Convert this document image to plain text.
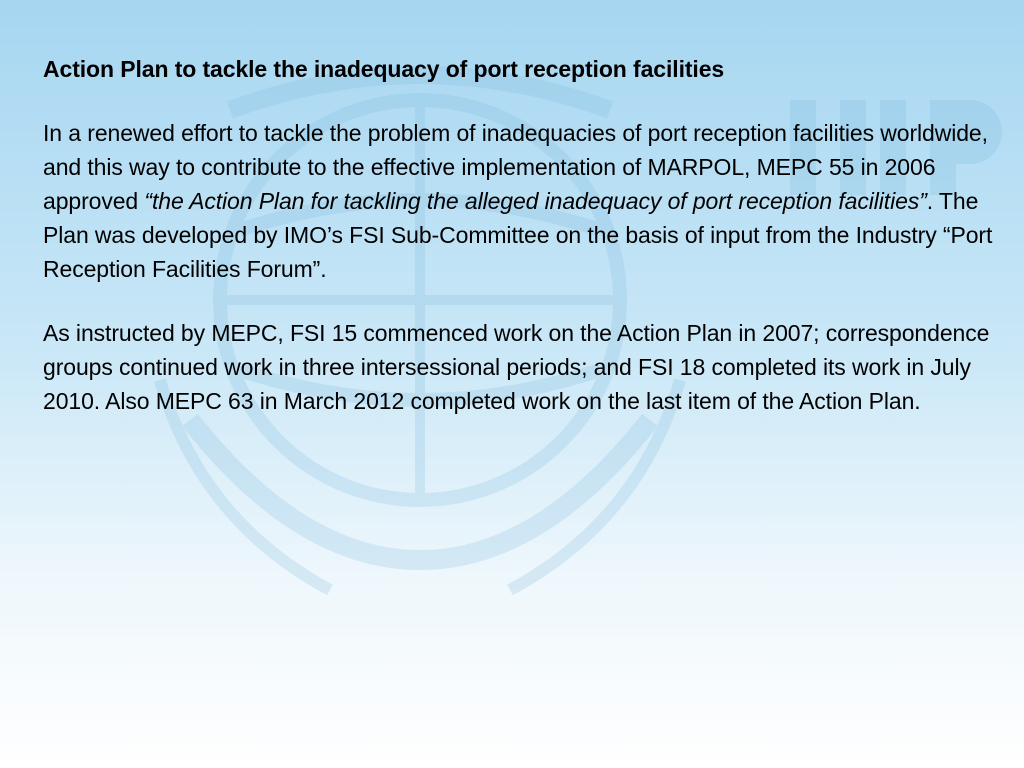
Action Plan to tackle the inadequacy of port reception facilities
In a renewed effort to tackle the problem of inadequacies of port reception facilities worldwide, and this way to contribute to the effective implementation of MARPOL, MEPC 55 in 2006 approved “the Action Plan for tackling the alleged inadequacy of port reception facilities”. The Plan was developed by IMO’s FSI Sub-Committee on the basis of input from the Industry “Port Reception Facilities Forum”.
As instructed by MEPC, FSI 15 commenced work on the Action Plan in 2007; correspondence groups continued work in three intersessional periods; and FSI 18 completed its work in July 2010. Also MEPC 63 in March 2012 completed work on the last item of the Action Plan.
